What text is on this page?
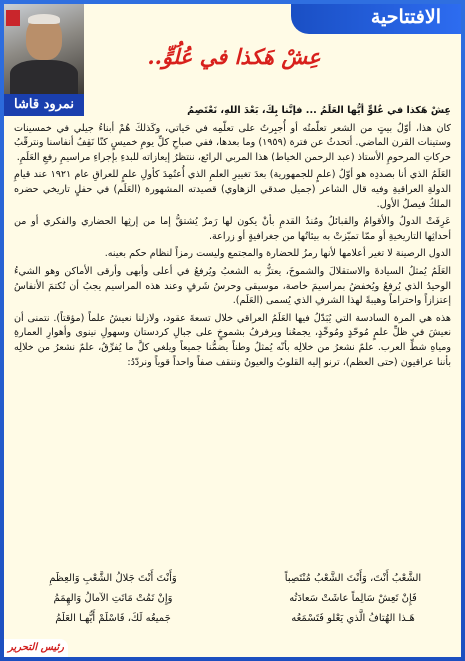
الافتتاحية
نمرود قاشا
عِشْ هَكذا في عُلُوٍّ..

عِشْ هَكذا في عُلوٍّ أيُّها العَلَمُ ... فإنَّنا بِكَ، بَعْدَ اللهِ، نَعْتَصِمُ

كان هذا، أوّلُ بيتٍ من الشعر تعلّمتُه أو أُجبِرتُ على تعلّمِه في حَياتي، وكَذلكَ هُمْ أبناءُ جيلي في خمسينات وستينات القرن الماضي. أتحدثُ عن فترة (١٩٥٩) وما بعدها، ففي صباحِ كلِّ يومِ خميسٍ كنّا نَقِفُ أنفاسنا ونترقّبُ حركاتِ المرحومِ الأستاذ (عبد الرحمن الخياط) هذا المربي الرائع، ننتظرُ إيعازاته للبدءِ بإجراءِ مراسيمِ رفعِ العَلَمِ.

العَلَمُ الذي أنا بصددِه هو أوّلُ (علمٍ للجمهورية) بعدَ تغييرِ العلمِ الذي أُعتُمِدَ كأولِ علمٍ للعراقِ عام ١٩٢١ عند قيامِ الدولةِ العراقيةِ وفيه قال الشاعر (جميل صدقي الزهاوي) قصيدته المشهورة (العَلَم) في حفلٍ تاريخي حضره الملكُ فيصلُ الأول.

عَرِفَتْ الدولُ والأقوامُ والقبائلُ ومُنذُ القدمِ بأنْ يكون لها رَمزٌ يُشتقُّ إما من إرثِها الحضاري والفكري أو من أحداثِها التاريخيةِ أو ممّا تميّزتْ به بيئاتُها من جغرافيةٍ أو زراعة.

الدول الرصينة لا تغير أعلامها لأنها رمزُ للحضارة والمجتمع وليست رمزاً لنظام حكم بعينه.

العَلَمُ يُمثلُ السيادةَ والاستقلالَ والشموخَ، يعتزُّ به الشعبُ ويُرفعُ في أعلى وأبهى وأرقى الأماكن وهو الشيءُ الوحيدُ الذي يُرفعُ ويُخفضُ بمراسيمَ خاصة، موسيقى وحرسُ شَرفٍ وعند هذه المراسيم يجبُ أن تُكتمَ الأنفاسُ إعتزازاً واحتراماً وهيبةً لهذا الشرفِ الذي يُسمى (العَلَم).

هذه هي المرة السادسة التي يُبَدّلُ فيها العَلَمُ العراقي خلال تسعةَ عقود، ولازلنا نعيشُ علماً (مؤقتاً). نتمنى أن نعيشَ في ظلِّ علمٍ مُوحّدٍ ومُوحِّدٍ، يجمعُنا ويرفرفُ بشموخٍ على جبالِ كردستان وسهولِ نينوى وأهوارِ العمارةِ ومياهِ شطِّ العرب. علمٌ نشعرُ من خلالِه بأنّه يُمثلُ وطناً يضمُّنا جميعاً ويلغي كلَّ ما يُفرِّقُ، علمٌ نشعرُ من خلالِه بأننا عراقيون (حتى العظم)، ترنو إليه القلوبُ والعيونُ وننقف صفاً واحداً قوياً ونردّدُ:

الشَّعْبُ أَنْتَ، وَأَنْتَ الشَّعْبُ مُنْتَصِباً
وَأَنْتَ أَنْتَ جَلالُ الشَّعْبِ وَالعِظَمِ
فَإِنْ تَعِشْ سَالِماً عاشَتْ سَعادَتُه
وَإِنْ تَمُتْ مَاتَتِ الآمالُ وَالهِمَمُ
هَـذا الهُتافُ الَّذي يَعْلو فَتَسْمَعُه
جَميعُه لَكَ، فَاسْلَمْ أَيُّهـا العَلَمُ
رئيس التحرير
